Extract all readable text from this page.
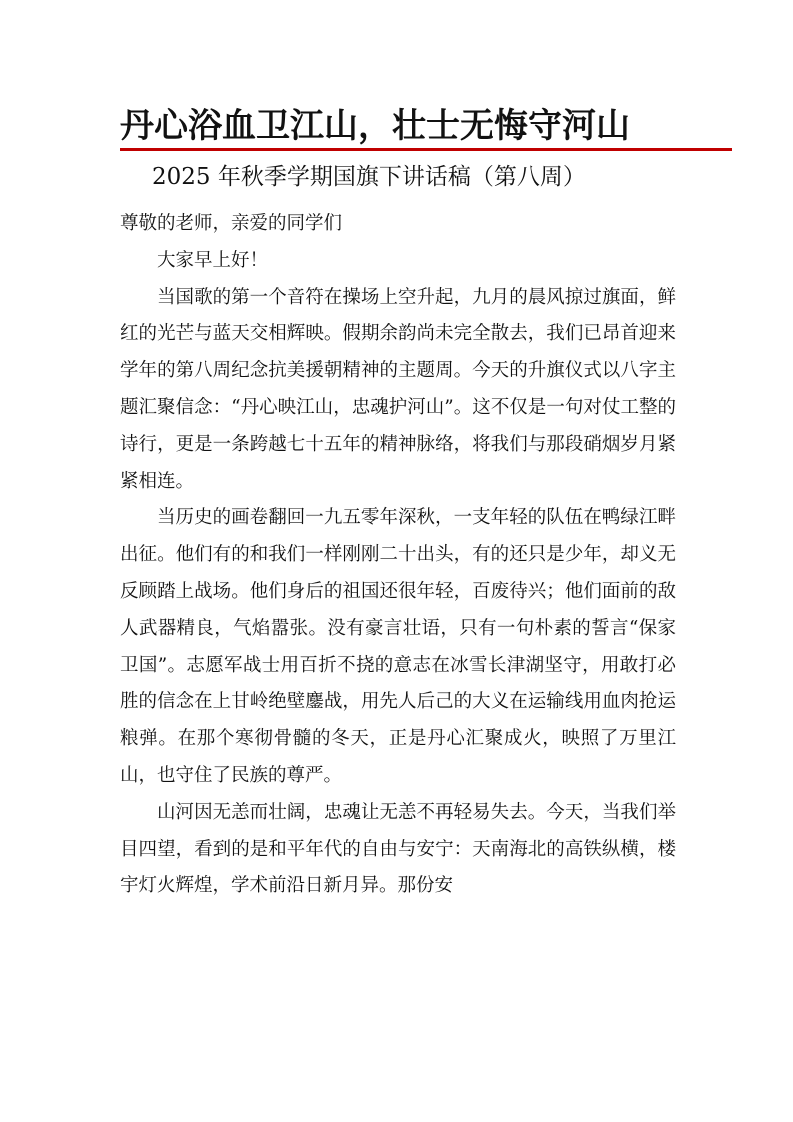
丹心浴血卫江山，壮士无悔守河山
2025 年秋季学期国旗下讲话稿（第八周）

尊敬的老师，亲爱的同学们

大家早上好！

当国歌的第一个音符在操场上空升起，九月的晨风掠过旗面，鲜红的光芒与蓝天交相辉映。假期余韵尚未完全散去，我们已昂首迎来学年的第八周纪念抗美援朝精神的主题周。今天的升旗仪式以八字主题汇聚信念：“丹心映江山，忠魂护河山”。这不仅是一句对仗工整的诗行，更是一条跨越七十五年的精神脉络，将我们与那段硝烟岁月紧紧相连。

当历史的画卷翻回一九五零年深秋，一支年轻的队伍在鸭绿江畔出征。他们有的和我们一样刚刚二十出头，有的还只是少年，却义无反顾踏上战场。他们身后的祖国还很年轻，百废待兴；他们面前的敌人武器精良，气焰嚣张。没有豪言壮语，只有一句朴素的誓言“保家卫国”。志愿军战士用百折不挠的意志在冰雪长津湖坚守，用敢打必胜的信念在上甘岭绝壁鏖战，用先人后己的大义在运输线用血肉抢运粮弹。在那个寒彻骨髓的冬天，正是丹心汇聚成火，映照了万里江山，也守住了民族的尊严。

山河因无恙而壮阔，忠魂让无恙不再轻易失去。今天，当我们举目四望，看到的是和平年代的自由与安宁：天南海北的高铁纵横，楼宇灯火辉煌，学术前沿日新月异。那份安
